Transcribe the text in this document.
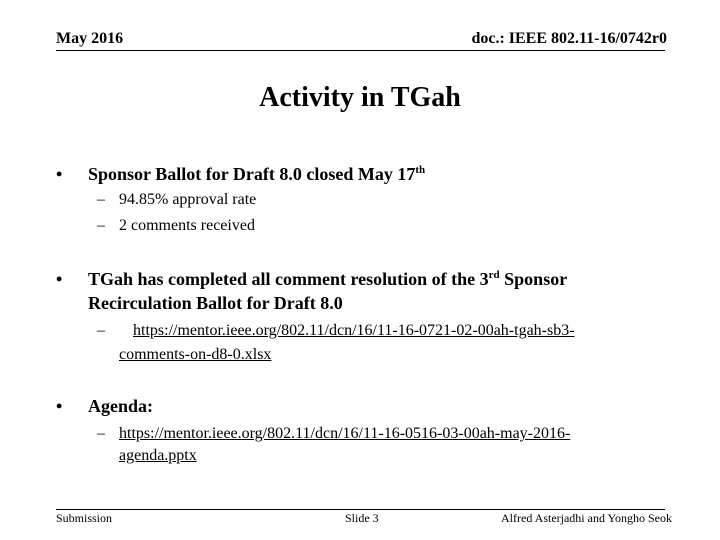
May 2016	doc.: IEEE 802.11-16/0742r0
Activity in TGah
• Sponsor Ballot for Draft 8.0 closed May 17th
– 94.85% approval rate
– 2 comments received
• TGah has completed all comment resolution of the 3rd Sponsor
Recirculation Ballot for Draft 8.0
– https://mentor.ieee.org/802.11/dcn/16/11-16-0721-02-00ah-tgah-sb3-
comments-on-d8-0.xlsx
• Agenda:
– https://mentor.ieee.org/802.11/dcn/16/11-16-0516-03-00ah-may-2016-
agenda.pptx
Submission	Slide 3	Alfred Asterjadhi and Yongho Seok
